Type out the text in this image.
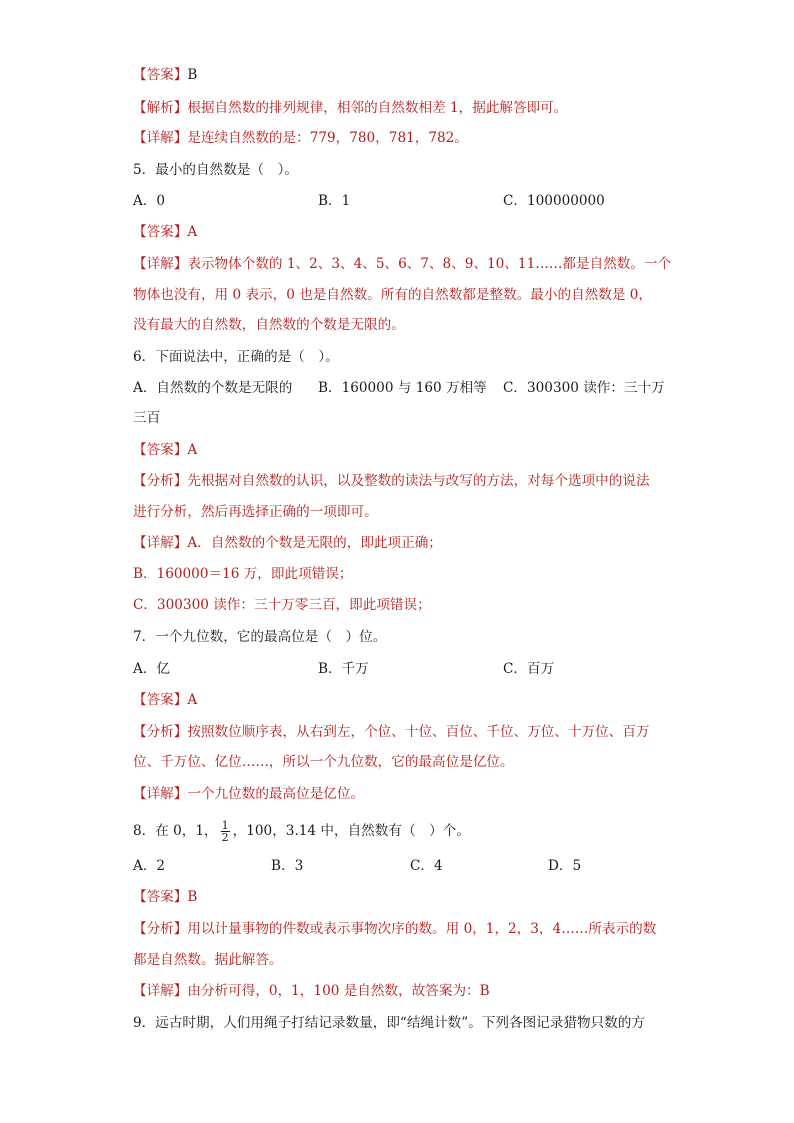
【答案】B
【解析】根据自然数的排列规律，相邻的自然数相差 1，据此解答即可。
【详解】是连续自然数的是：779，780，781，782。
5．最小的自然数是（　）。
A．0	B．1	C．100000000
【答案】A
【详解】表示物体个数的 1、2、3、4、5、6、7、8、9、10、11……都是自然数。一个
物体也没有，用 0 表示，0 也是自然数。所有的自然数都是整数。最小的自然数是 0，
没有最大的自然数，自然数的个数是无限的。
6．下面说法中，正确的是（　）。
A．自然数的个数是无限的 B．160000 与 160 万相等 C．300300 读作：三十万
三百
【答案】A
【分析】先根据对自然数的认识，以及整数的读法与改写的方法，对每个选项中的说法
进行分析，然后再选择正确的一项即可。
【详解】A．自然数的个数是无限的，即此项正确；
B．160000＝16 万，即此项错误；
C．300300 读作：三十万零三百，即此项错误；
7．一个九位数，它的最高位是（　）位。
A．亿	B．千万	C．百万
【答案】A
【分析】按照数位顺序表，从右到左，个位、十位、百位、千位、万位、十万位、百万
位、千万位、亿位……，所以一个九位数，它的最高位是亿位。
【详解】一个九位数的最高位是亿位。
8．在 0，1， $\frac{1}{2}$ ，100，3.14 中，自然数有（　）个。
A．2	B．3	C．4	D．5
【答案】B
【分析】用以计量事物的件数或表示事物次序的数。用 0，1，2，3，4……所表示的数
都是自然数。据此解答。
【详解】由分析可得，0，1，100 是自然数，故答案为：B
9．远古时期，人们用绳子打结记录数量，即“结绳计数”。下列各图记录猎物只数的方
